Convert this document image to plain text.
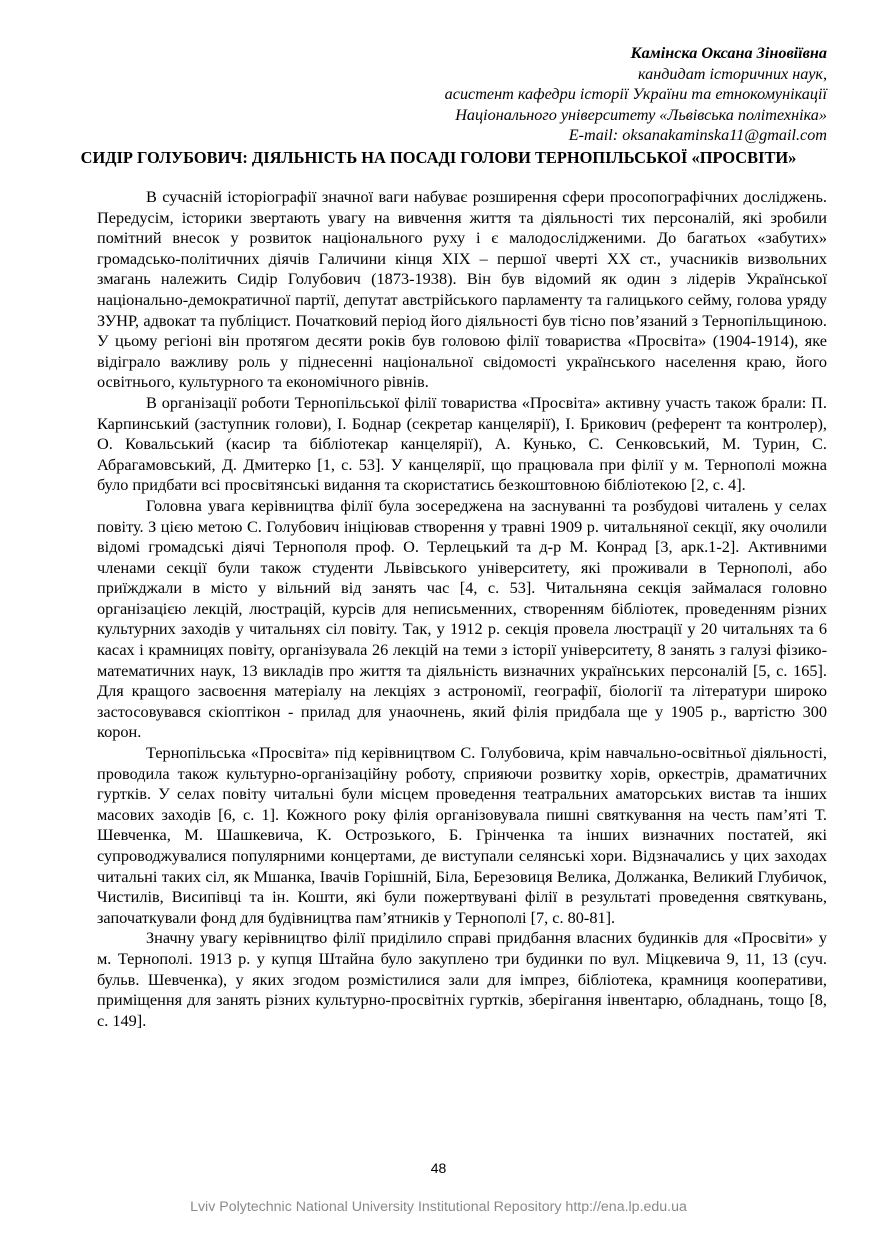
Камінска Оксана Зіновіївна
кандидат історичних наук,
асистент кафедри історії України та етнокомунікації
Національного університету «Львівська політехніка»
E-mail: oksanakaminska11@gmail.com
СИДІР ГОЛУБОВИЧ: ДІЯЛЬНІСТЬ НА ПОСАДІ ГОЛОВИ ТЕРНОПІЛЬСЬКОЇ «ПРОСВІТИ»

В сучасній історіографії значної ваги набуває розширення сфери просопографічних досліджень. Передусім, історики звертають увагу на вивчення життя та діяльності тих персоналій, які зробили помітний внесок у розвиток національного руху і є малодослідженими. До багатьох «забутих» громадсько-політичних діячів Галичини кінця ХІХ – першої чверті ХХ ст., учасників визвольних змагань належить Сидір Голубович (1873-1938). Він був відомий як один з лідерів Української національно-демократичної партії, депутат австрійського парламенту та галицького сейму, голова уряду ЗУНР, адвокат та публіцист. Початковий період його діяльності був тісно пов’язаний з Тернопільщиною. У цьому регіоні він протягом десяти років був головою філії товариства «Просвіта» (1904-1914), яке відіграло важливу роль у піднесенні національної свідомості українського населення краю, його освітнього, культурного та економічного рівнів.

В організації роботи Тернопільської філії товариства «Просвіта» активну участь також брали: П. Карпинський (заступник голови), І. Боднар (секретар канцелярії), І. Брикович (референт та контролер), О. Ковальський (касир та бібліотекар канцелярії), А. Кунько, С. Сенковський, М. Турин, С. Абрагамовський, Д. Дмитерко [1, с. 53]. У канцелярії, що працювала при філії у м. Тернополі можна було придбати всі просвітянські видання та скористатись безкоштовною бібліотекою [2, с. 4].

Головна увага керівництва філії була зосереджена на заснуванні та розбудові читалень у селах повіту. З цією метою С. Голубович ініціював створення у травні 1909 р. читальняної секції, яку очолили відомі громадські діячі Тернополя проф. О. Терлецький та д-р М. Конрад [3, арк.1-2]. Активними членами секції були також студенти Львівського університету, які проживали в Тернополі, або приїжджали в місто у вільний від занять час [4, с. 53]. Читальняна секція займалася головно організацією лекцій, люстрацій, курсів для неписьменних, створенням бібліотек, проведенням різних культурних заходів у читальнях сіл повіту. Так, у 1912 р. секція провела люстрації у 20 читальнях та 6 касах і крамницях повіту, організувала 26 лекцій на теми з історії університету, 8 занять з галузі фізико-математичних наук, 13 викладів про життя та діяльність визначних українських персоналій [5, с. 165]. Для кращого засвоєння матеріалу на лекціях з астрономії, географії, біології та літератури широко застосовувався скіоптікон - прилад для унаочнень, який філія придбала ще у 1905 р., вартістю 300 корон.

Тернопільська «Просвіта» під керівництвом С. Голубовича, крім навчально-освітньої діяльності, проводила також культурно-організаційну роботу, сприяючи розвитку хорів, оркестрів, драматичних гуртків. У селах повіту читальні були місцем проведення театральних аматорських вистав та інших масових заходів [6, с. 1]. Кожного року філія організовувала пишні святкування на честь пам’яті Т. Шевченка, М. Шашкевича, К. Острозького, Б. Грінченка та інших визначних постатей, які супроводжувалися популярними концертами, де виступали селянські хори. Відзначались у цих заходах читальні таких сіл, як Мшанка, Івачів Горішній, Біла, Березовиця Велика, Должанка, Великий Глубичок, Чистилів, Висипівці та ін. Кошти, які були пожертвувані філії в результаті проведення святкувань, започаткували фонд для будівництва пам’ятників у Тернополі [7, с. 80-81].

Значну увагу керівництво філії приділило справі придбання власних будинків для «Просвіти» у м. Тернополі. 1913 р. у купця Штайна було закуплено три будинки по вул. Міцкевича 9, 11, 13 (суч. бульв. Шевченка), у яких згодом розмістилися зали для імпрез, бібліотека, крамниця кооперативи, приміщення для занять різних культурно-просвітніх гуртків, зберігання інвентарю, обладнань, тощо [8, с. 149].

48
Lviv Polytechnic National University Institutional Repository http://ena.lp.edu.ua
